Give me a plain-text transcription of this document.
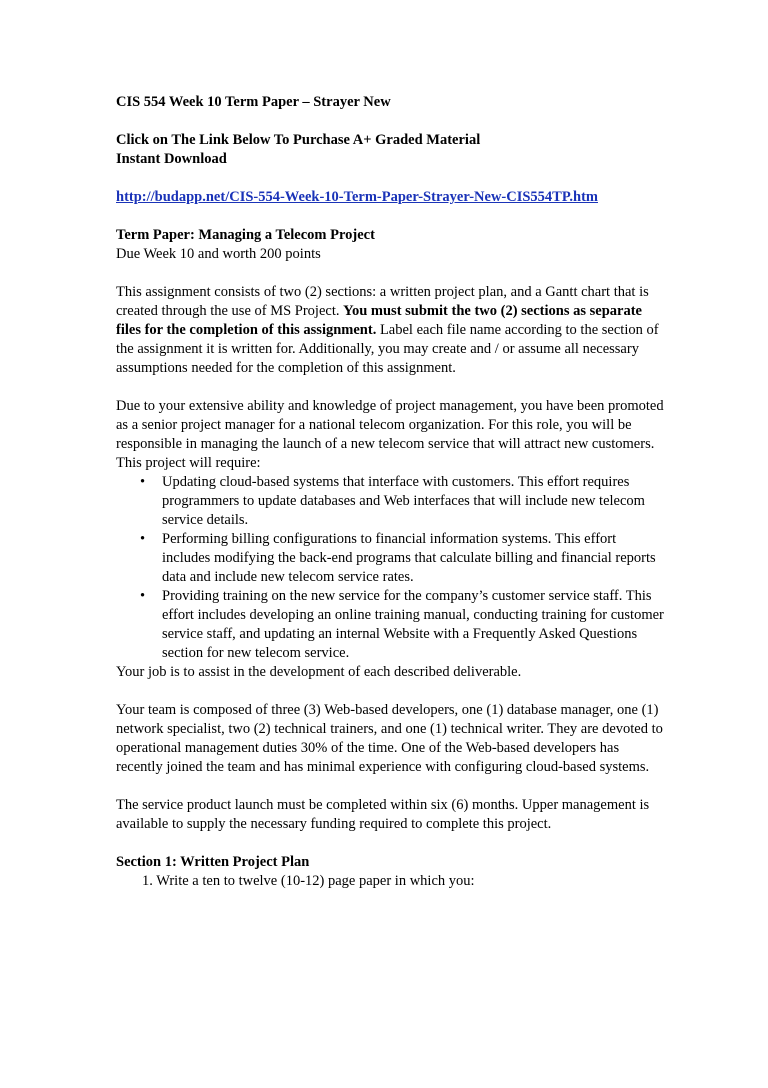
CIS 554 Week 10 Term Paper – Strayer New

Click on The Link Below To Purchase A+ Graded Material

Instant Download

http://budapp.net/CIS-554-Week-10-Term-Paper-Strayer-New-CIS554TP.htm

Term Paper: Managing a Telecom Project

Due Week 10 and worth 200 points

This assignment consists of two (2) sections: a written project plan, and a Gantt chart that is created through the use of MS Project. You must submit the two (2) sections as separate files for the completion of this assignment. Label each file name according to the section of the assignment it is written for. Additionally, you may create and / or assume all necessary assumptions needed for the completion of this assignment.

Due to your extensive ability and knowledge of project management, you have been promoted as a senior project manager for a national telecom organization. For this role, you will be responsible in managing the launch of a new telecom service that will attract new customers. This project will require:

• Updating cloud-based systems that interface with customers. This effort requires programmers to update databases and Web interfaces that will include new telecom service details.
• Performing billing configurations to financial information systems. This effort includes modifying the back-end programs that calculate billing and financial reports data and include new telecom service rates.
• Providing training on the new service for the company’s customer service staff. This effort includes developing an online training manual, conducting training for customer service staff, and updating an internal Website with a Frequently Asked Questions section for new telecom service.

Your job is to assist in the development of each described deliverable.

Your team is composed of three (3) Web-based developers, one (1) database manager, one (1) network specialist, two (2) technical trainers, and one (1) technical writer. They are devoted to operational management duties 30% of the time. One of the Web-based developers has recently joined the team and has minimal experience with configuring cloud-based systems.

The service product launch must be completed within six (6) months. Upper management is available to supply the necessary funding required to complete this project.

Section 1: Written Project Plan

1. Write a ten to twelve (10-12) page paper in which you:
